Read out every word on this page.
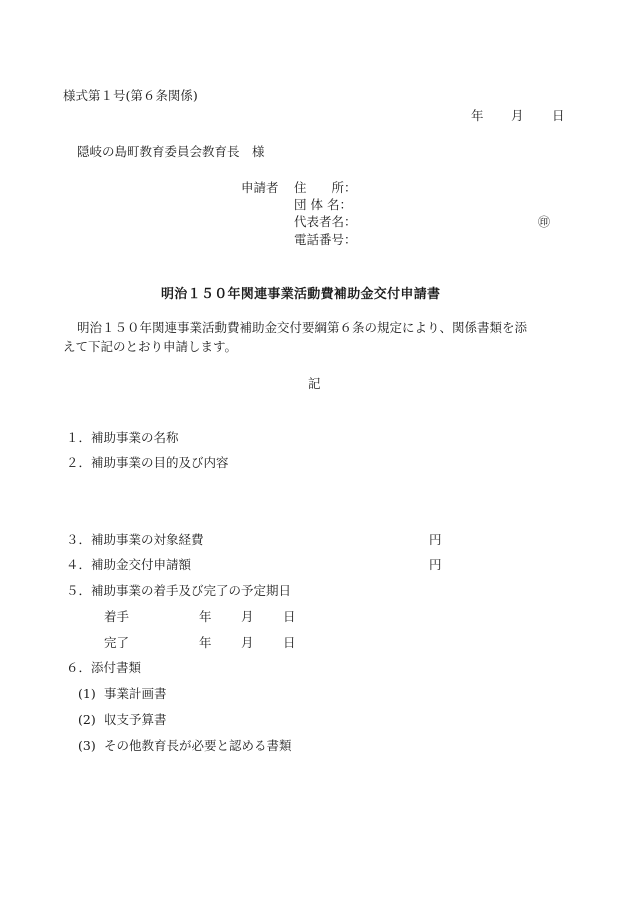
様式第１号(第６条関係)
年 月 日
隠岐の島町教育委員会教育長　様
申請者 住　　所：
団 体 名：
代表者名：	㊞
電話番号：
明治１５０年関連事業活動費補助金交付申請書
明治１５０年関連事業活動費補助金交付要綱第６条の規定により、関係書類を添
えて下記のとおり申請します。
記
１． 補助事業の名称
２． 補助事業の目的及び内容
３． 補助事業の対象経費	円
４． 補助金交付申請額	円
５． 補助事業の着手及び完了の予定期日
着手	年 月 日
完了	年 月 日
６． 添付書類
(1) 事業計画書
(2) 収支予算書
(3) その他教育長が必要と認める書類
